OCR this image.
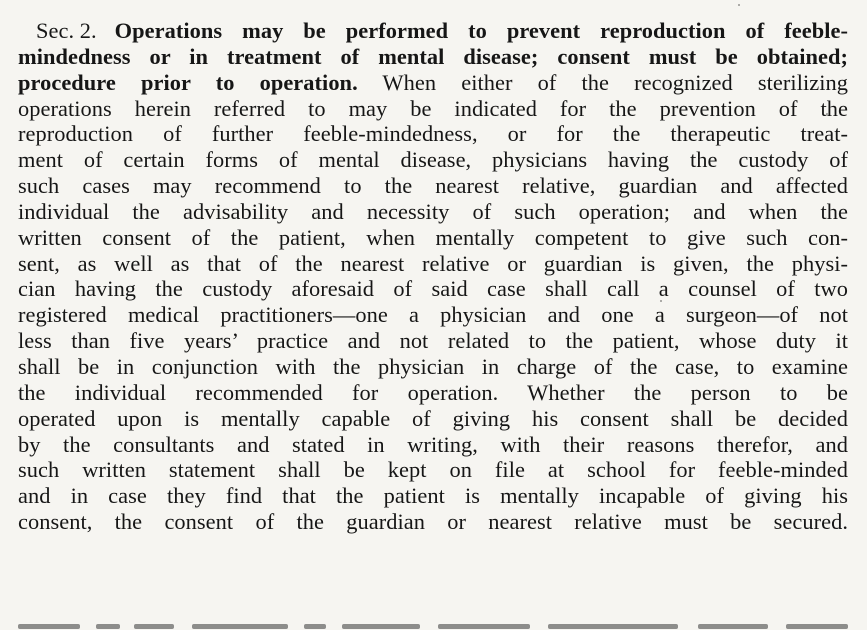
Sec. 2. Operations may be performed to prevent reproduction of feeble-
mindedness or in treatment of mental disease; consent must be obtained;
procedure prior to operation. When either of the recognized sterilizing
operations herein referred to may be indicated for the prevention of the
reproduction of further feeble-mindedness, or for the therapeutic treat-
ment of certain forms of mental disease, physicians having the custody of
such cases may recommend to the nearest relative, guardian and affected
individual the advisability and necessity of such operation; and when the
written consent of the patient, when mentally competent to give such con-
sent, as well as that of the nearest relative or guardian is given, the physi-
cian having the custody aforesaid of said case shall call a counsel of two
registered medical practitioners—one a physician and one a surgeon—of not
less than five years’ practice and not related to the patient, whose duty it
shall be in conjunction with the physician in charge of the case, to examine
the individual recommended for operation. Whether the person to be
operated upon is mentally capable of giving his consent shall be decided
by the consultants and stated in writing, with their reasons therefor, and
such written statement shall be kept on file at school for feeble-minded
and in case they find that the patient is mentally incapable of giving his
consent, the consent of the guardian or nearest relative must be secured.
